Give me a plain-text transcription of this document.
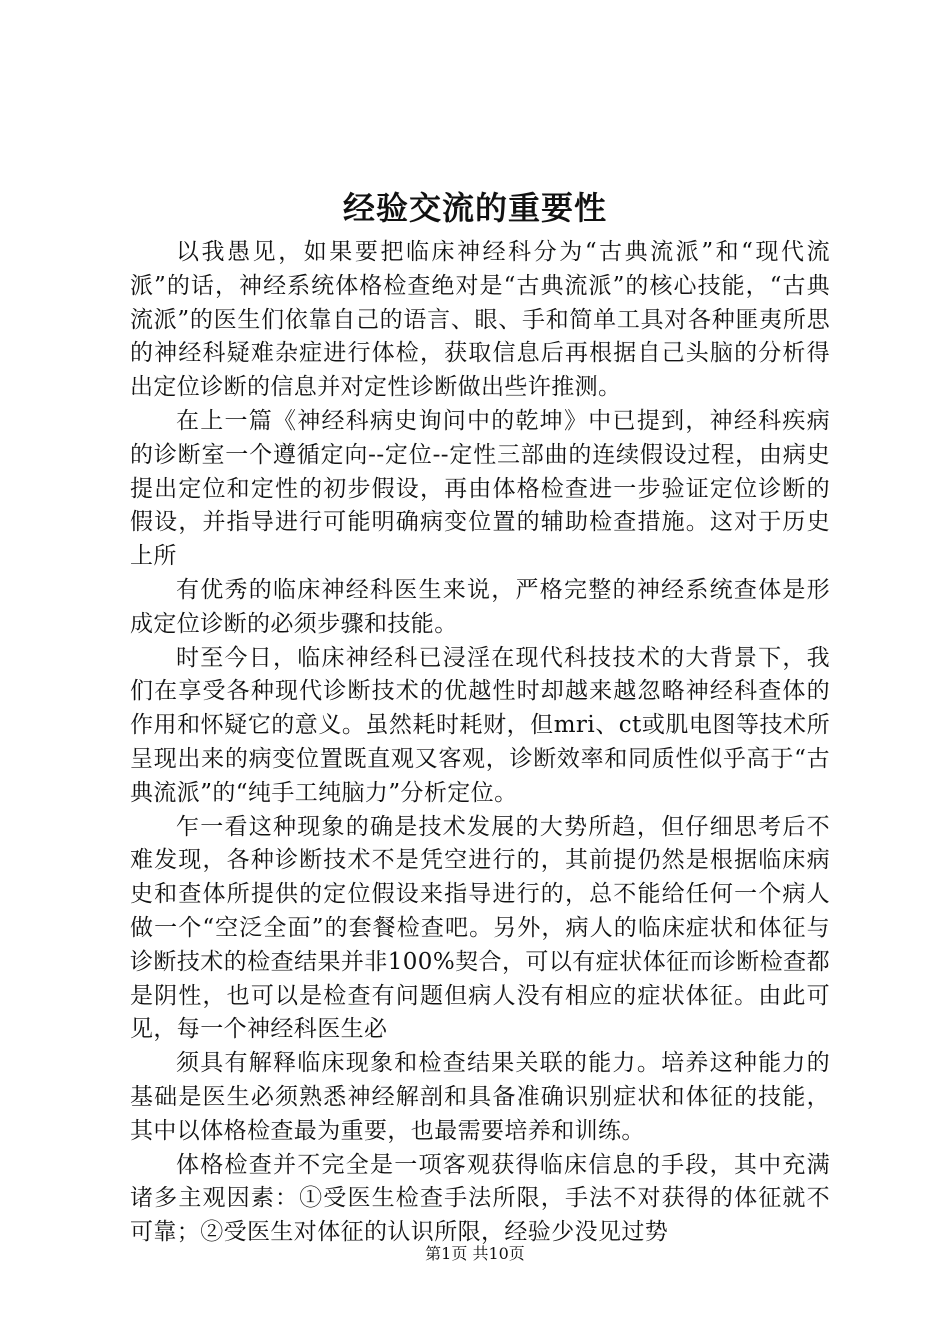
经验交流的重要性

以我愚见，如果要把临床神经科分为“古典流派”和“现代流派”的话，神经系统体格检查绝对是“古典流派”的核心技能，“古典流派”的医生们依靠自己的语言、眼、手和简单工具对各种匪夷所思的神经科疑难杂症进行体检，获取信息后再根据自己头脑的分析得出定位诊断的信息并对定性诊断做出些许推测。

在上一篇《神经科病史询问中的乾坤》中已提到，神经科疾病的诊断室一个遵循定向--定位--定性三部曲的连续假设过程，由病史提出定位和定性的初步假设，再由体格检查进一步验证定位诊断的假设，并指导进行可能明确病变位置的辅助检查措施。这对于历史上所

有优秀的临床神经科医生来说，严格完整的神经系统查体是形成定位诊断的必须步骤和技能。

时至今日，临床神经科已浸淫在现代科技技术的大背景下，我们在享受各种现代诊断技术的优越性时却越来越忽略神经科查体的作用和怀疑它的意义。虽然耗时耗财，但mri、ct或肌电图等技术所呈现出来的病变位置既直观又客观，诊断效率和同质性似乎高于“古典流派”的“纯手工纯脑力”分析定位。

乍一看这种现象的确是技术发展的大势所趋，但仔细思考后不难发现，各种诊断技术不是凭空进行的，其前提仍然是根据临床病史和查体所提供的定位假设来指导进行的，总不能给任何一个病人做一个“空泛全面”的套餐检查吧。另外，病人的临床症状和体征与诊断技术的检查结果并非100%契合，可以有症状体征而诊断检查都是阴性，也可以是检查有问题但病人没有相应的症状体征。由此可见，每一个神经科医生必

须具有解释临床现象和检查结果关联的能力。培养这种能力的基础是医生必须熟悉神经解剖和具备准确识别症状和体征的技能，其中以体格检查最为重要，也最需要培养和训练。

体格检查并不完全是一项客观获得临床信息的手段，其中充满诸多主观因素：①受医生检查手法所限，手法不对获得的体征就不可靠；②受医生对体征的认识所限，经验少没见过势

第1页 共10页
